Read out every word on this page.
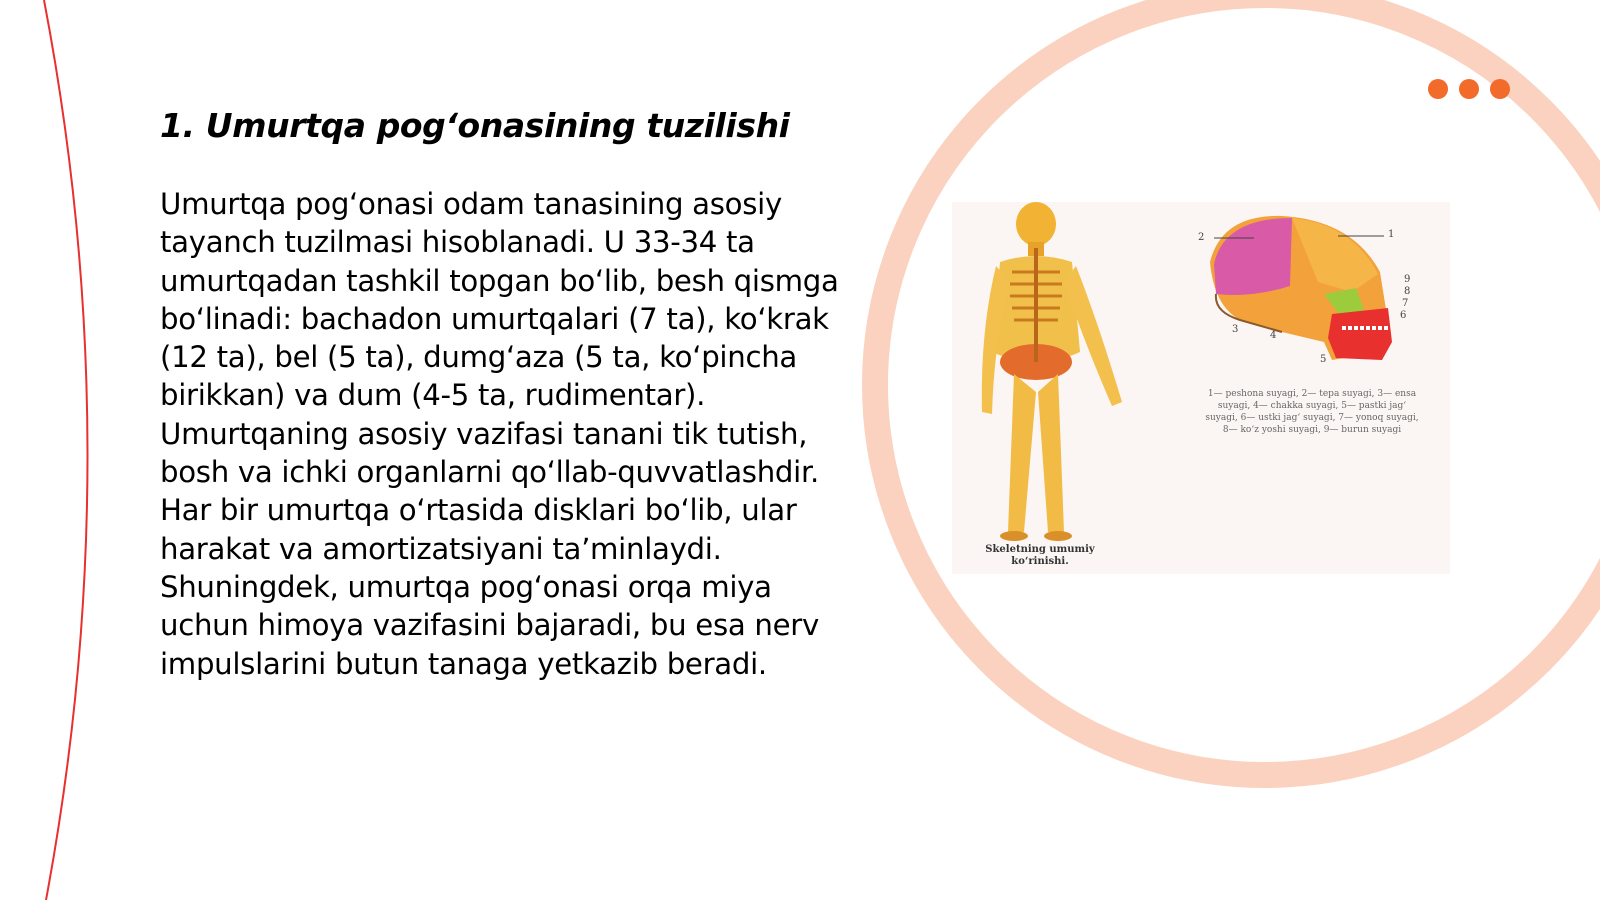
1. Umurtqa pog‘onasining tuzilishi

Umurtqa pog‘onasi odam tanasining asosiy tayanch tuzilmasi hisoblanadi. U 33-34 ta umurtqadan tashkil topgan bo‘lib, besh qismga bo‘linadi: bachadon umurtqalari (7 ta), ko‘krak (12 ta), bel (5 ta), dumg‘aza (5 ta, ko‘pincha birikkan) va dum (4-5 ta, rudimentar). Umurtqaning asosiy vazifasi tanani tik tutish, bosh va ichki organlarni qo‘llab-quvvatlashdir. Har bir umurtqa o‘rtasida disklari bo‘lib, ular harakat va amortizatsiyani ta’minlaydi. Shuningdek, umurtqa pog‘onasi orqa miya uchun himoya vazifasini bajaradi, bu esa nerv impulslarini butun tanaga yetkazib beradi.

2	1
9
8
7
6
3
4
5
1— peshona suyagi, 2— tepa suyagi, 3— ensa suyagi, 4— chakka suyagi, 5— pastki jag‘ suyagi, 6— ustki jag‘ suyagi, 7— yonoq suyagi, 8— ko‘z yoshi suyagi, 9— burun suyagi
Skeletning umumiy ko‘rinishi.
